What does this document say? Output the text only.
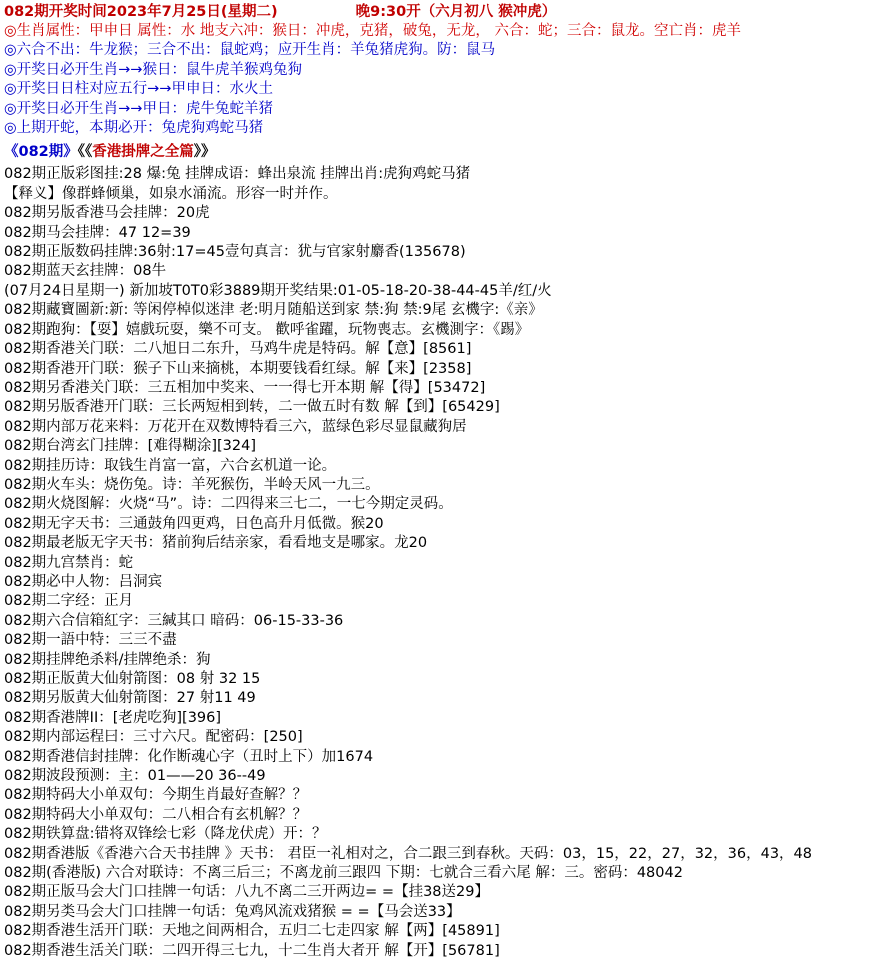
082期开奖时间2023年7月25日(星期二)	晚9:30开（六月初八 猴冲虎）
◎生肖属性：甲申日 属性：水 地支六冲：猴日：冲虎，克猪，破兔，无龙， 六合：蛇；三合：鼠龙。空亡肖：虎羊
◎六合不出：牛龙猴；三合不出：鼠蛇鸡；应开生肖：羊兔猪虎狗。防：鼠马
◎开奖日必开生肖→→猴日：鼠牛虎羊猴鸡兔狗
◎开奖日日柱对应五行→→甲申日：水火土
◎开奖日必开生肖→→甲日：虎牛兔蛇羊猪
◎上期开蛇，本期必开：兔虎狗鸡蛇马猪
《082期》《《香港掛牌之全篇》》
082期正版彩图挂:28 爆:兔 挂牌成语：蜂出泉流 挂牌出肖:虎狗鸡蛇马猪
【释义】像群蜂倾巢，如泉水涌流。形容一时并作。
082期另版香港马会挂牌：20虎
082期马会挂牌：47 12=39
082期正版数码挂牌:36射:17=45壹句真言：犹与官家射麝香(135678)
082期蓝天玄挂牌：08牛
(07月24日星期一) 新加坡T0T0彩3889期开奖结果:01-05-18-20-38-44-45羊/红/火
082期藏寶圖新:新: 等闲停棹似迷津 老:明月随船送到家 禁:狗 禁:9尾 玄機字:《亲》
082期跑狗：【耍】嬉戲玩耍，樂不可支。 歡呼雀躍，玩物喪志。玄機測字：《踢》
082期香港关门联：二八旭日二东升，马鸡牛虎是特码。解【意】[8561]
082期香港开门联：猴子下山来摘桃，本期要钱看红绿。解【来】[2358]
082期另香港关门联：三五相加中奖来、一一得七开本期 解【得】[53472]
082期另版香港开门联：三长两短相到转，二一做五时有数 解【到】[65429]
082期内部万花来料：万花开在双数博特看三六，蓝绿色彩尽显鼠藏狗居
082期台湾玄门挂牌：[难得糊涂][324]
082期挂历诗：取钱生肖富一富，六合玄机道一论。
082期火车头：烧伤兔。诗：羊死猴伤，半岭天风一九三。
082期火烧图解：火烧“马”。诗：二四得来三七二，一七今期定灵码。
082期无字天书：三通鼓角四更鸡，日色高升月低微。猴20
082期最老版无字天书：猪前狗后结亲家，看看地支是哪家。龙20
082期九宫禁肖：蛇
082期必中人物：吕洞宾
082期二字经：正月
082期六合信箱紅字：三緘其口 暗码：06-15-33-36
082期一語中特：三三不盡
082期挂牌绝杀料/挂牌绝杀：狗
082期正版黄大仙射箭图：08 射 32 15
082期另版黄大仙射箭图：27 射11 49
082期香港牌II：[老虎吃狗][396]
082期内部运程曰：三寸六尺。配密码：[250]
082期香港信封挂牌：化作断魂心字（丑时上下）加1674
082期波段预测：主：01——20 36--49
082期特码大小单双句：今期生肖最好查解？？
082期特码大小单双句：二八相合有玄机解？？
082期铁算盘:错将双锋绘七彩（降龙伏虎）开：？
082期香港版《香港六合天书挂牌 》天书： 君臣一礼相对之，合二跟三到春秋。天码：03，15，22，27，32，36，43，48
082期(香港版) 六合对联诗：不离三后三；不离龙前三跟四 下期：七就合三看六尾 解：三。密码：48042
082期正版马会大门口挂牌一句话：八九不离二三开两边= =【挂38送29】
082期另类马会大门口挂牌一句话：兔鸡风流戏猪猴 = =【马会送33】
082期香港生活开门联：天地之间两相合，五归二七走四家 解【两】[45891]
082期香港生活关门联：二四开得三七九，十二生肖大者开 解【开】[56781]
